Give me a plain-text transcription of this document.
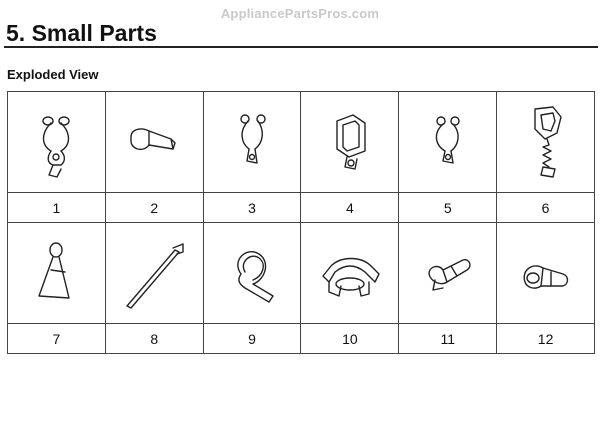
AppliancePartsPros.com
5. Small Parts
Exploded View

1	2	3	4	5	6

7	8	9	10	11	12
